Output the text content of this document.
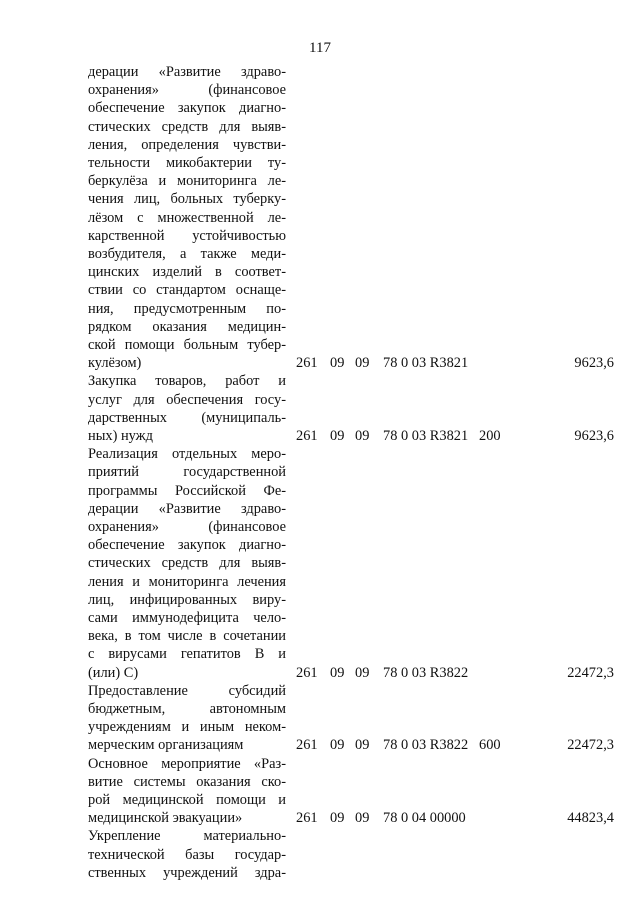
117
дерации «Развитие здраво-
охранения» (финансовое
обеспечение закупок диагно-
стических средств для выяв-
ления, определения чувстви-
тельности микобактерии ту-
беркулёза и мониторинга ле-
чения лиц, больных туберку-
лёзом с множественной ле-
карственной устойчивостью
возбудителя, а также меди-
цинских изделий в соответ-
ствии со стандартом оснаще-
ния, предусмотренным по-
рядком оказания медицин-
ской помощи больным тубер-
кулёзом)	261 09 09 78 0 03 R3821	9623,6
Закупка товаров, работ и
услуг для обеспечения госу-
дарственных (муниципаль-
ных) нужд	261 09 09 78 0 03 R3821 200	9623,6
Реализация отдельных меро-
приятий государственной
программы Российской Фе-
дерации «Развитие здраво-
охранения» (финансовое
обеспечение закупок диагно-
стических средств для выяв-
ления и мониторинга лечения
лиц, инфицированных виру-
сами иммунодефицита чело-
века, в том числе в сочетании
с вирусами гепатитов В и
(или) С)	261 09 09 78 0 03 R3822	22472,3
Предоставление субсидий
бюджетным, автономным
учреждениям и иным неком-
мерческим организациям	261 09 09 78 0 03 R3822 600	22472,3
Основное мероприятие «Раз-
витие системы оказания ско-
рой медицинской помощи и
медицинской эвакуации»	261 09 09 78 0 04 00000	44823,4
Укрепление материально-
технической базы государ-
ственных учреждений здра-
